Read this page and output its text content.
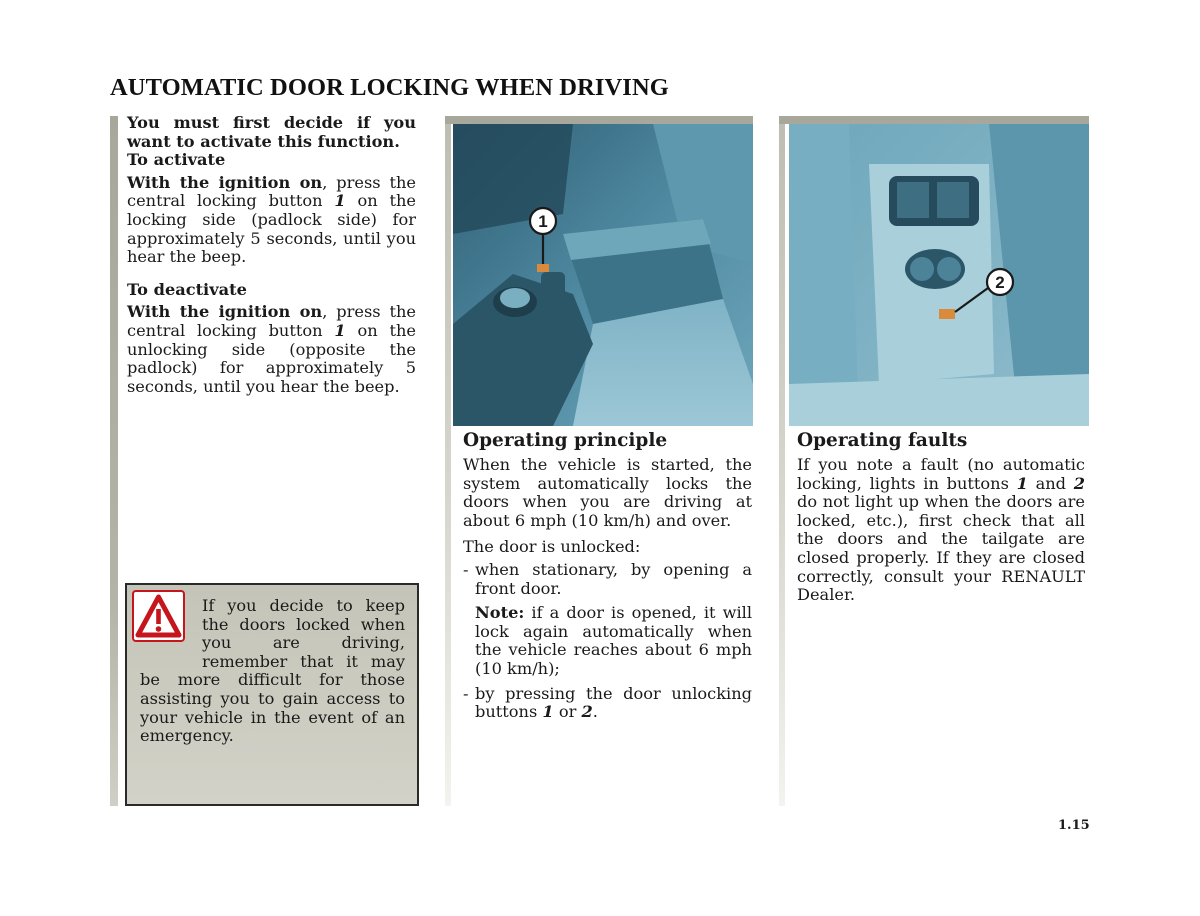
AUTOMATIC DOOR LOCKING WHEN DRIVING

You must first decide if you want to activate this function.

To activate

With the ignition on, press the central locking button 1 on the locking side (padlock side) for approximately 5 seconds, until you hear the beep.

To deactivate

With the ignition on, press the central locking button 1 on the unlocking side (opposite the padlock) for approximately 5 seconds, until you hear the beep.

If you decide to keep the doors locked when you are driving, remember that it may be more difficult for those assisting you to gain access to your vehicle in the event of an emergency.
1
2
Operating principle

When the vehicle is started, the system automatically locks the doors when you are driving at about 6 mph (10 km/h) and over.

The door is unlocked:

- when stationary, by opening a front door.

Note: if a door is opened, it will lock again automatically when the vehicle reaches about 6 mph (10 km/h);

- by pressing the door unlocking buttons 1 or 2.
Operating faults

If you note a fault (no automatic locking, lights in buttons 1 and 2 do not light up when the doors are locked, etc.), first check that all the doors and the tailgate are closed properly. If they are closed correctly, consult your RENAULT Dealer.

1.15
